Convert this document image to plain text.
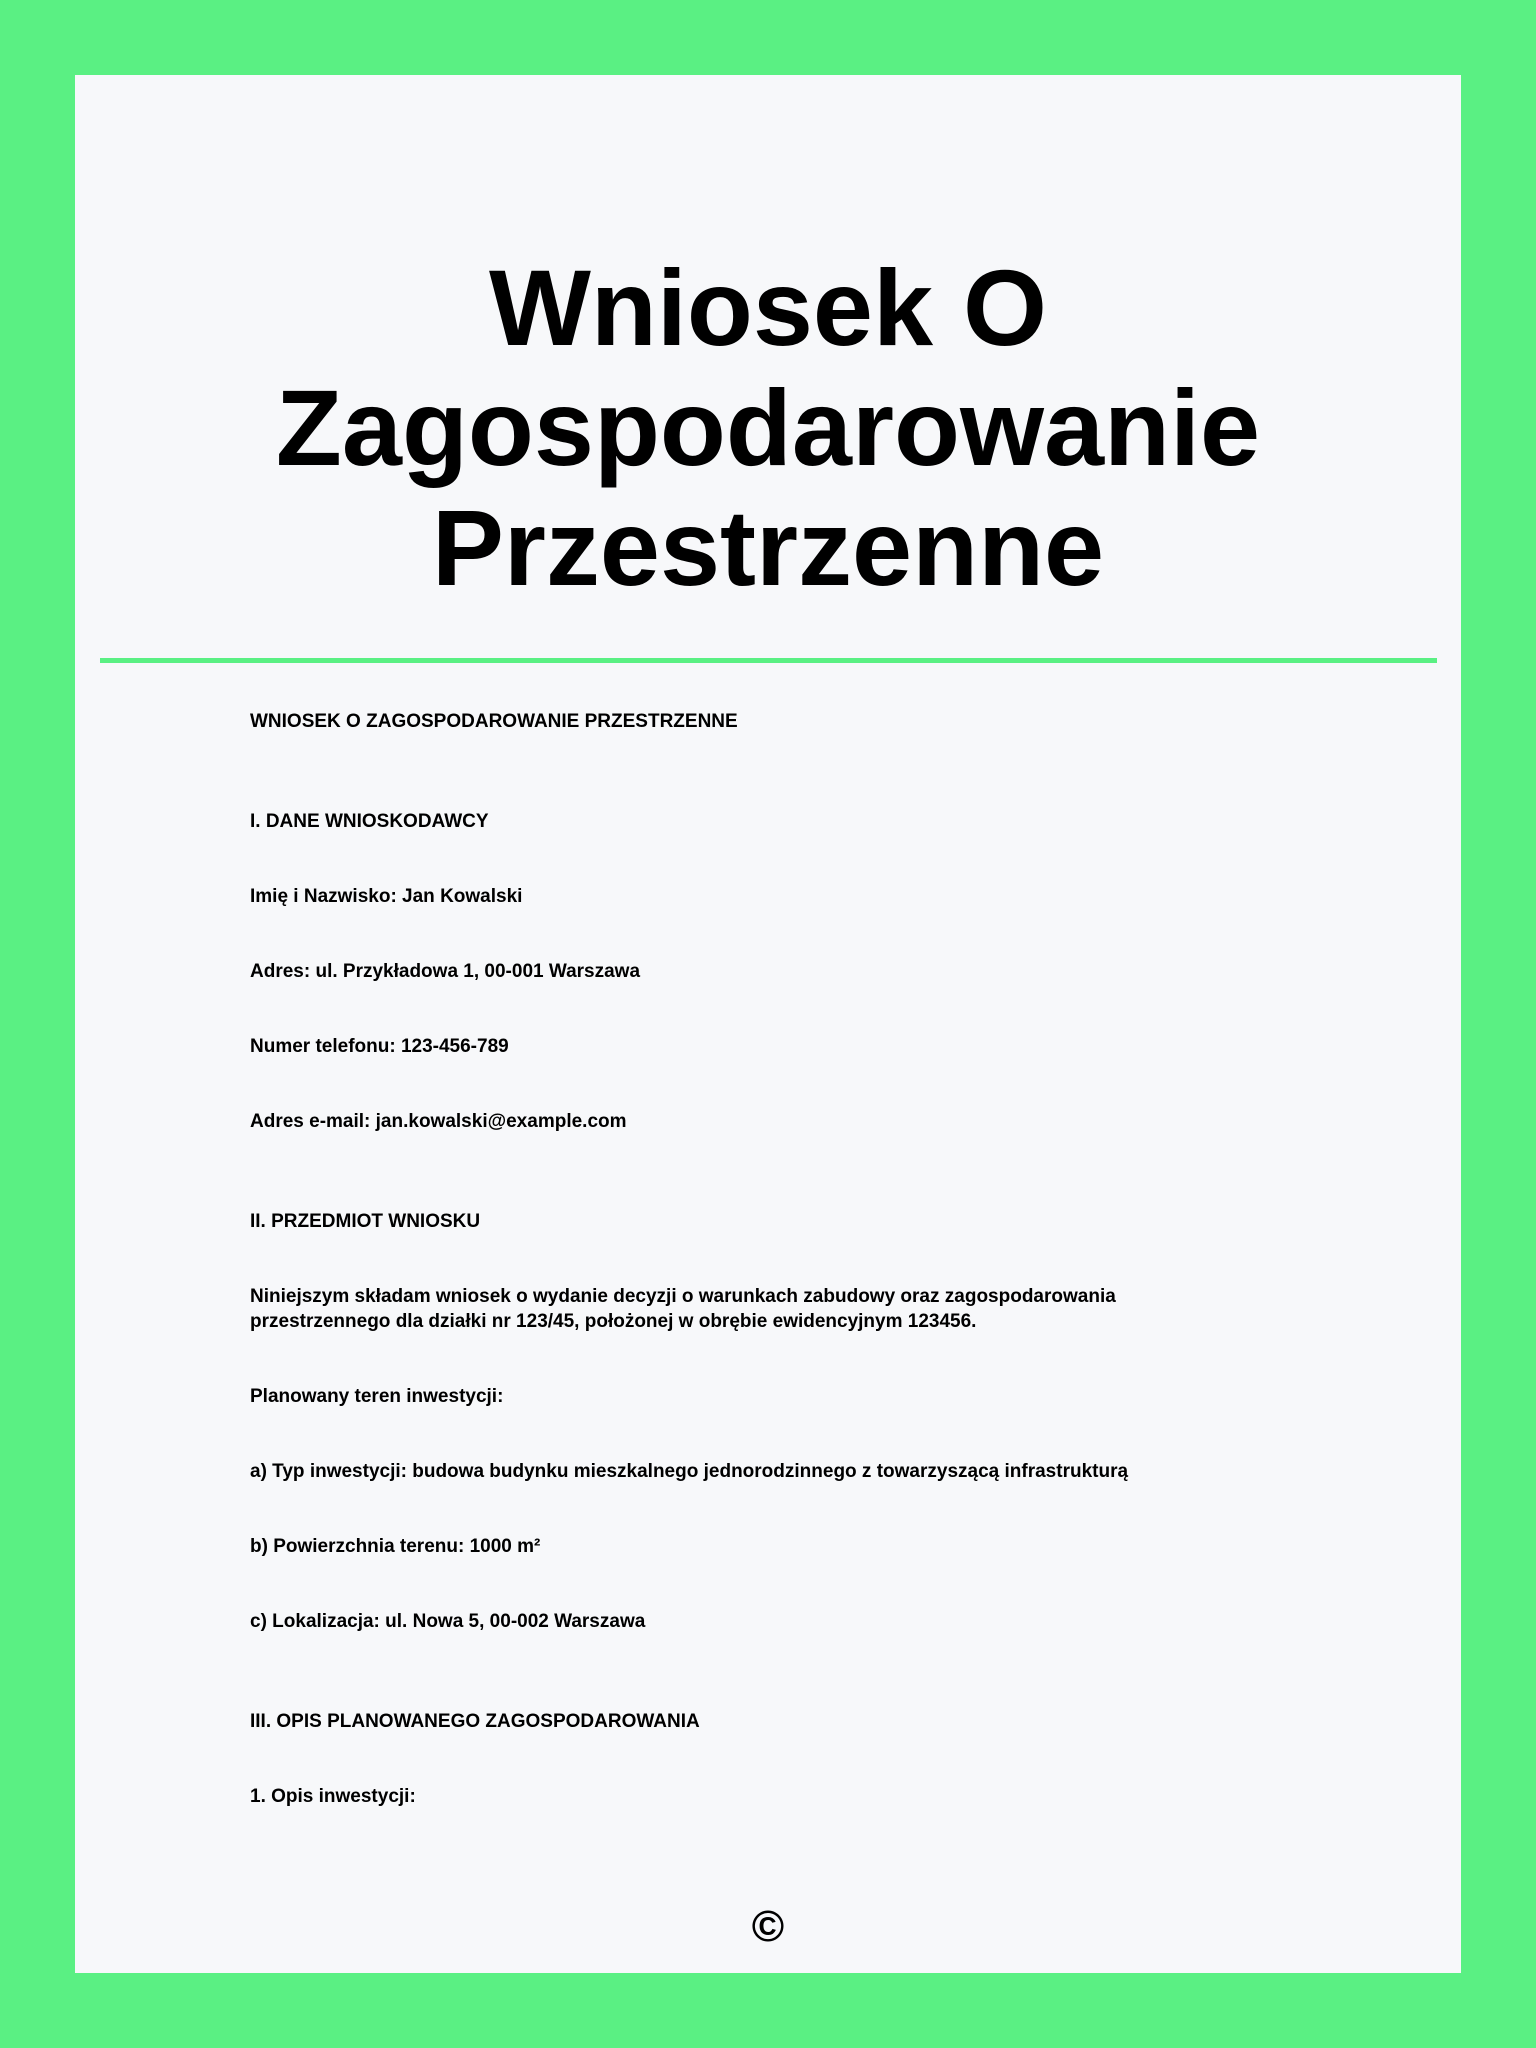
Wniosek O
Zagospodarowanie
Przestrzenne
WNIOSEK O ZAGOSPODAROWANIE PRZESTRZENNE
I. DANE WNIOSKODAWCY
Imię i Nazwisko: Jan Kowalski
Adres: ul. Przykładowa 1, 00-001 Warszawa
Numer telefonu: 123-456-789
Adres e-mail: jan.kowalski@example.com
II. PRZEDMIOT WNIOSKU
Niniejszym składam wniosek o wydanie decyzji o warunkach zabudowy oraz zagospodarowania przestrzennego dla działki nr 123/45, położonej w obrębie ewidencyjnym 123456.
Planowany teren inwestycji:
a) Typ inwestycji: budowa budynku mieszkalnego jednorodzinnego z towarzyszącą infrastrukturą
b) Powierzchnia terenu: 1000 m²
c) Lokalizacja: ul. Nowa 5, 00-002 Warszawa
III. OPIS PLANOWANEGO ZAGOSPODAROWANIA
1. Opis inwestycji:
©
